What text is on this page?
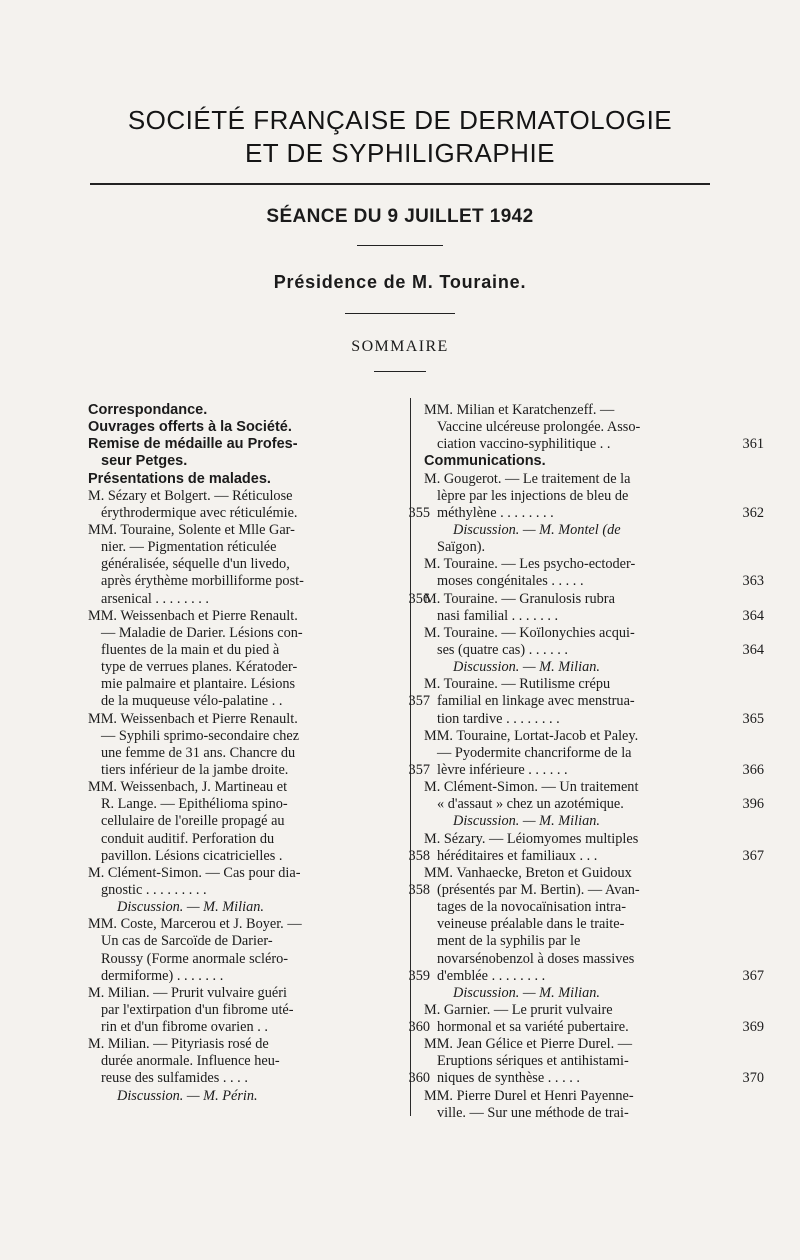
SOCIÉTÉ FRANÇAISE DE DERMATOLOGIE
ET DE SYPHILIGRAPHIE
SÉANCE DU 9 JUILLET 1942
Présidence de M. Touraine.
SOMMAIRE
Correspondance.
Ouvrages offerts à la Société.
Remise de médaille au Profes-
seur Petges.
Présentations de malades.
M. Sézary et Bolgert. — Réticulose
érythrodermique avec réticulémie.	355
MM. Touraine, Solente et Mlle Gar-
nier. — Pigmentation réticulée
généralisée, séquelle d'un livedo,
après érythème morbilliforme post-
arsenical . . . . . . . .	356
MM. Weissenbach et Pierre Renault.
— Maladie de Darier. Lésions con-
fluentes de la main et du pied à
type de verrues planes. Kératoder-
mie palmaire et plantaire. Lésions
de la muqueuse vélo-palatine . .	357
MM. Weissenbach et Pierre Renault.
— Syphili sprimo-secondaire chez
une femme de 31 ans. Chancre du
tiers inférieur de la jambe droite.	357
MM. Weissenbach, J. Martineau et
R. Lange. — Epithélioma spino-
cellulaire de l'oreille propagé au
conduit auditif. Perforation du
pavillon. Lésions cicatricielles .	358
M. Clément-Simon. — Cas pour dia-
gnostic . . . . . . . . .	358
Discussion. — M. Milian.
MM. Coste, Marcerou et J. Boyer. —
Un cas de Sarcoïde de Darier-
Roussy (Forme anormale scléro-
dermiforme) . . . . . . .	359
M. Milian. — Prurit vulvaire guéri
par l'extirpation d'un fibrome uté-
rin et d'un fibrome ovarien . .	360
M. Milian. — Pityriasis rosé de
durée anormale. Influence heu-
reuse des sulfamides . . . .	360
Discussion. — M. Périn.
MM. Milian et Karatchenzeff. —
Vaccine ulcéreuse prolongée. Asso-
ciation vaccino-syphilitique . .	361
Communications.
M. Gougerot. — Le traitement de la
lèpre par les injections de bleu de
méthylène . . . . . . . .	362
Discussion. — M. Montel (de
Saïgon).
M. Touraine. — Les psycho-ectoder-
moses congénitales . . . . .	363
M. Touraine. — Granulosis rubra
nasi familial . . . . . . .	364
M. Touraine. — Koïlonychies acqui-
ses (quatre cas) . . . . . .	364
Discussion. — M. Milian.
M. Touraine. — Rutilisme crépu
familial en linkage avec menstrua-
tion tardive . . . . . . . .	365
MM. Touraine, Lortat-Jacob et Paley.
— Pyodermite chancriforme de la
lèvre inférieure . . . . . .	366
M. Clément-Simon. — Un traitement
« d'assaut » chez un azotémique.	396
Discussion. — M. Milian.
M. Sézary. — Léiomyomes multiples
héréditaires et familiaux . . .	367
MM. Vanhaecke, Breton et Guidoux
(présentés par M. Bertin). — Avan-
tages de la novocaïnisation intra-
veineuse préalable dans le traite-
ment de la syphilis par le
novarsénobenzol à doses massives
d'emblée . . . . . . . .	367
Discussion. — M. Milian.
M. Garnier. — Le prurit vulvaire
hormonal et sa variété pubertaire.	369
MM. Jean Gélice et Pierre Durel. —
Eruptions sériques et antihistami-
niques de synthèse . . . . .	370
MM. Pierre Durel et Henri Payenne-
ville. — Sur une méthode de trai-
